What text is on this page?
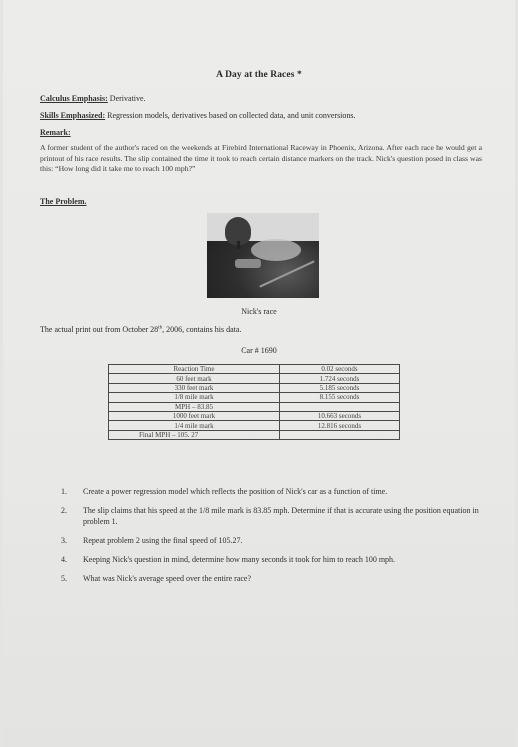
A Day at the Races *
Calculus Emphasis: Derivative.
Skills Emphasized: Regression models, derivatives based on collected data, and unit conversions.
Remark:
A former student of the author's raced on the weekends at Firebird International Raceway in Phoenix, Arizona. After each race he would get a printout of his race results. The slip contained the time it took to reach certain distance markers on the track. Nick's question posed in class was this: “How long did it take me to reach 100 mph?”
The Problem.
Nick's race
The actual print out from October 28th, 2006, contains his data.
Car # 1690
Reaction Time	0.02 seconds
60 feet mark	1.724 seconds
330 feet mark	5.185 seconds
1/8 mile mark	8.155 seconds
MPH – 83.85	
1000 feet mark	10.663 seconds
1/4 mile mark	12.816 seconds
Final MPH – 105. 27	
1. Create a power regression model which reflects the position of Nick's car as a function of time.
2. The slip claims that his speed at the 1/8 mile mark is 83.85 mph. Determine if that is accurate using the position equation in problem 1.
3. Repeat problem 2 using the final speed of 105.27.
4. Keeping Nick's question in mind, determine how many seconds it took for him to reach 100 mph.
5. What was Nick's average speed over the entire race?
